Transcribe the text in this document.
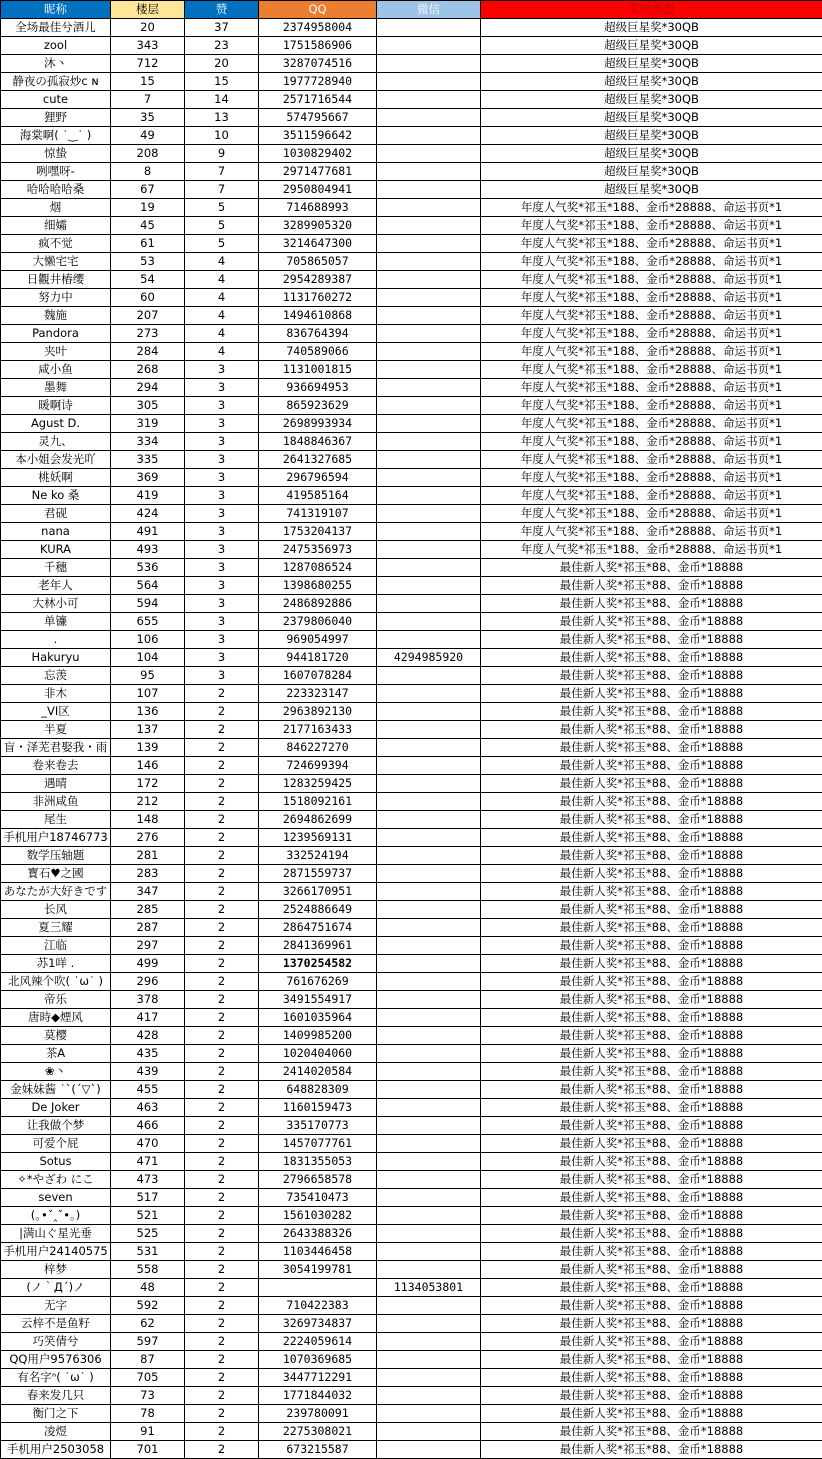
昵称	楼层	赞	QQ	微信	奖励类型
全场最佳兮酒儿	20	37	2374958004		超级巨星奖*30QB
zool	343	23	1751586906		超级巨星奖*30QB
沐丶	712	20	3287074516		超级巨星奖*30QB
静夜の孤寂炒ᴄ ɴ	15	15	1977728940		超级巨星奖*30QB
cute	7	14	2571716544		超级巨星奖*30QB
狸野	35	13	574795667		超级巨星奖*30QB
海棠啊( ˙‿˙ )	49	10	3511596642		超级巨星奖*30QB
惊蛰	208	9	1030829402		超级巨星奖*30QB
咧嘿呀-	8	7	2971477681		超级巨星奖*30QB
哈哈哈哈桑	67	7	2950804941		超级巨星奖*30QB
烟	19	5	714688993		年度人气奖*祁玉*188、金币*28888、命运书页*1
细孀	45	5	3289905320		年度人气奖*祁玉*188、金币*28888、命运书页*1
疯不觉	61	5	3214647300		年度人气奖*祁玉*188、金币*28888、命运书页*1
大懒宅宅	53	4	705865057		年度人气奖*祁玉*188、金币*28888、命运书页*1
日觀井樁缨	54	4	2954289387		年度人气奖*祁玉*188、金币*28888、命运书页*1
努力中	60	4	1131760272		年度人气奖*祁玉*188、金币*28888、命运书页*1
魏施	207	4	1494610868		年度人气奖*祁玉*188、金币*28888、命运书页*1
Pandora	273	4	836764394		年度人气奖*祁玉*188、金币*28888、命运书页*1
夹叶	284	4	740589066		年度人气奖*祁玉*188、金币*28888、命运书页*1
咸小鱼	268	3	1131001815		年度人气奖*祁玉*188、金币*28888、命运书页*1
墨舞	294	3	936694953		年度人气奖*祁玉*188、金币*28888、命运书页*1
暖啊诗	305	3	865923629		年度人气奖*祁玉*188、金币*28888、命运书页*1
Agust D.	319	3	2698993934		年度人气奖*祁玉*188、金币*28888、命运书页*1
灵九、	334	3	1848846367		年度人气奖*祁玉*188、金币*28888、命运书页*1
本小姐会发光吖	335	3	2641327685		年度人气奖*祁玉*188、金币*28888、命运书页*1
桃妖啊	369	3	296796594		年度人气奖*祁玉*188、金币*28888、命运书页*1
Ne ko 桑	419	3	419585164		年度人气奖*祁玉*188、金币*28888、命运书页*1
君砚	424	3	741319107		年度人气奖*祁玉*188、金币*28888、命运书页*1
nana	491	3	1753204137		年度人气奖*祁玉*188、金币*28888、命运书页*1
KURA	493	3	2475356973		年度人气奖*祁玉*188、金币*28888、命运书页*1
千穗	536	3	1287086524		最佳新人奖*祁玉*88、金币*18888
老年人	564	3	1398680255		最佳新人奖*祁玉*88、金币*18888
大林小可	594	3	2486892886		最佳新人奖*祁玉*88、金币*18888
单镰	655	3	2379806040		最佳新人奖*祁玉*88、金币*18888
.	106	3	969054997		最佳新人奖*祁玉*88、金币*18888
Hakuryu	104	3	944181720	4294985920	最佳新人奖*祁玉*88、金币*18888
忘羡	95	3	1607078284		最佳新人奖*祁玉*88、金币*18888
非木	107	2	223323147		最佳新人奖*祁玉*88、金币*18888
_VI区	136	2	2963892130		最佳新人奖*祁玉*88、金币*18888
半夏	137	2	2177163433		最佳新人奖*祁玉*88、金币*18888
盲・泽芜君娶我・雨	139	2	846227270		最佳新人奖*祁玉*88、金币*18888
卷来卷去	146	2	724699394		最佳新人奖*祁玉*88、金币*18888
遇晴	172	2	1283259425		最佳新人奖*祁玉*88、金币*18888
非洲咸鱼	212	2	1518092161		最佳新人奖*祁玉*88、金币*18888
尾生	148	2	2694862699		最佳新人奖*祁玉*88、金币*18888
手机用户18746773	276	2	1239569131		最佳新人奖*祁玉*88、金币*18888
数学压轴题	281	2	332524194		最佳新人奖*祁玉*88、金币*18888
寳石♥之國	283	2	2871559737		最佳新人奖*祁玉*88、金币*18888
あなたが大好きです	347	2	3266170951		最佳新人奖*祁玉*88、金币*18888
长风	285	2	2524886649		最佳新人奖*祁玉*88、金币*18888
夏三耀	287	2	2864751674		最佳新人奖*祁玉*88、金币*18888
江临	297	2	2841369961		最佳新人奖*祁玉*88、金币*18888
苏1咩 .	499	2	1370254582		最佳新人奖*祁玉*88、金币*18888
北风辣个吹( ˙ω˙ )	296	2	761676269		最佳新人奖*祁玉*88、金币*18888
帝乐	378	2	3491554917		最佳新人奖*祁玉*88、金币*18888
唐時◆煙风	417	2	1601035964		最佳新人奖*祁玉*88、金币*18888
莫樱	428	2	1409985200		最佳新人奖*祁玉*88、金币*18888
茶A	435	2	1020404060		最佳新人奖*祁玉*88、金币*18888
❀丶	439	2	2414020584		最佳新人奖*祁玉*88、金币*18888
金妹妹酱 ˙ˋ(´▽`)	455	2	648828309		最佳新人奖*祁玉*88、金币*18888
De Joker	463	2	1160159473		最佳新人奖*祁玉*88、金币*18888
让我做个梦	466	2	335170773		最佳新人奖*祁玉*88、金币*18888
可爱个屁	470	2	1457077761		最佳新人奖*祁玉*88、金币*18888
Sotus	471	2	1831355053		最佳新人奖*祁玉*88、金币*18888
✧*やざわ にこ	473	2	2796658578		最佳新人奖*祁玉*88、金币*18888
seven	517	2	735410473		最佳新人奖*祁玉*88、金币*18888
(｡•ˇ‸ˇ•｡)	521	2	1561030282		最佳新人奖*祁玉*88、金币*18888
|满山ぐ星光垂	525	2	2643388326		最佳新人奖*祁玉*88、金币*18888
手机用户24140575	531	2	1103446458		最佳新人奖*祁玉*88、金币*18888
梓梦	558	2	3054199781		最佳新人奖*祁玉*88、金币*18888
(ノ｀Д´)ノ	48	2		1134053801	最佳新人奖*祁玉*88、金币*18888
无字	592	2	710422383		最佳新人奖*祁玉*88、金币*18888
云梓不是鱼籽	62	2	3269734837		最佳新人奖*祁玉*88、金币*18888
巧笑倩兮	597	2	2224059614		最佳新人奖*祁玉*88、金币*18888
QQ用户9576306	87	2	1070369685		最佳新人奖*祁玉*88、金币*18888
有名字ᐢ( ˙ω˙ )	705	2	3447712291		最佳新人奖*祁玉*88、金币*18888
春来发几只	73	2	1771844032		最佳新人奖*祁玉*88、金币*18888
衡门之下	78	2	239780091		最佳新人奖*祁玉*88、金币*18888
凌煜	91	2	2275308021		最佳新人奖*祁玉*88、金币*18888
手机用户2503058	701	2	673215587		最佳新人奖*祁玉*88、金币*18888
